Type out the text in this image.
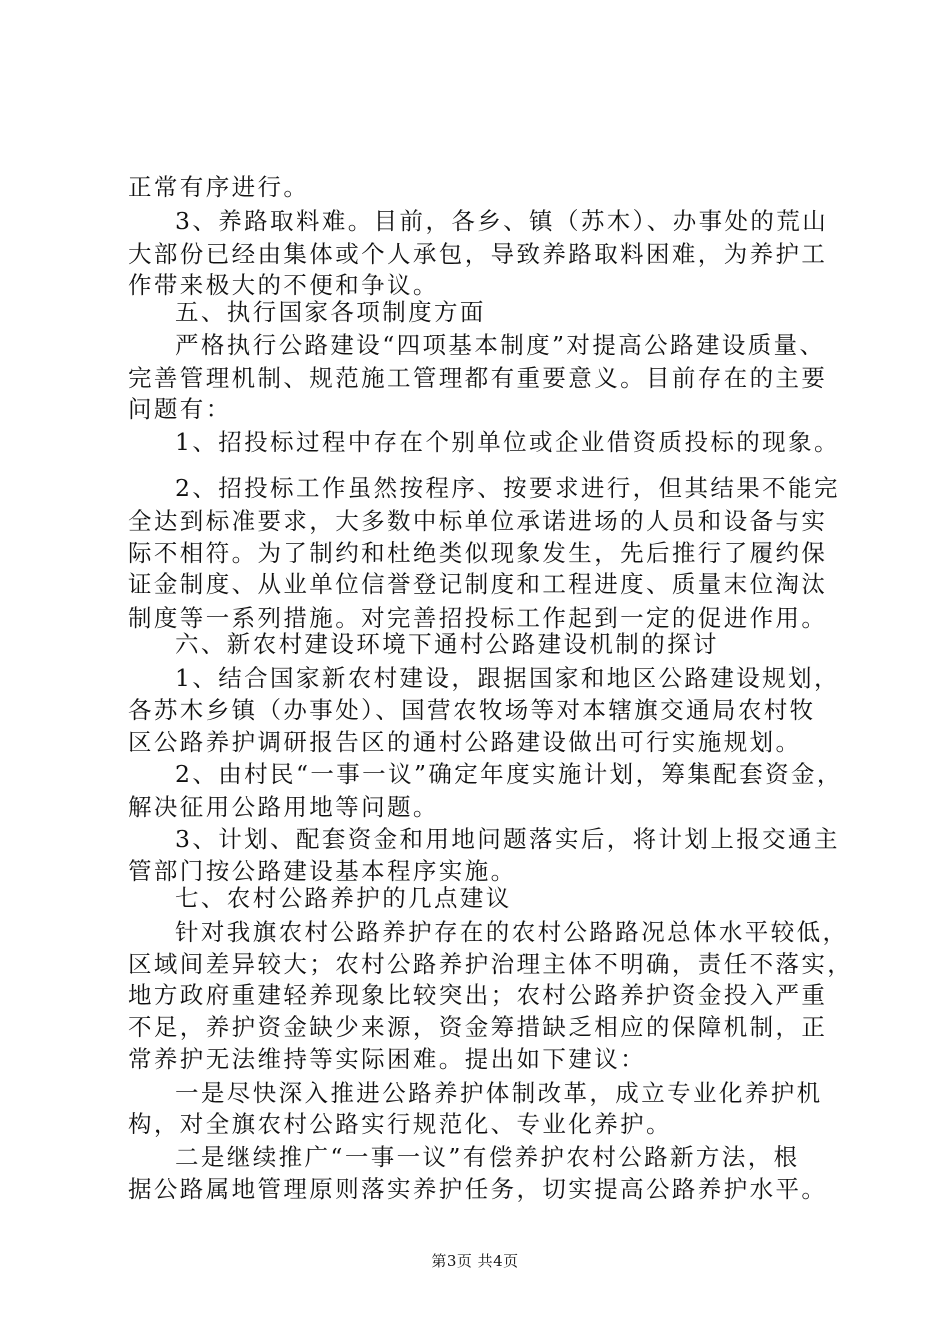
正常有序进行。
3、养路取料难。目前，各乡、镇（苏木）、办事处的荒山
大部份已经由集体或个人承包，导致养路取料困难，为养护工
作带来极大的不便和争议。
五、执行国家各项制度方面
严格执行公路建设“四项基本制度”对提高公路建设质量、
完善管理机制、规范施工管理都有重要意义。目前存在的主要
问题有：
1、招投标过程中存在个别单位或企业借资质投标的现象。
2、招投标工作虽然按程序、按要求进行，但其结果不能完
全达到标准要求，大多数中标单位承诺进场的人员和设备与实
际不相符。为了制约和杜绝类似现象发生，先后推行了履约保
证金制度、从业单位信誉登记制度和工程进度、质量末位淘汰
制度等一系列措施。对完善招投标工作起到一定的促进作用。
六、新农村建设环境下通村公路建设机制的探讨
1、结合国家新农村建设，跟据国家和地区公路建设规划，
各苏木乡镇（办事处）、国营农牧场等对本辖旗交通局农村牧
区公路养护调研报告区的通村公路建设做出可行实施规划。
2、由村民“一事一议”确定年度实施计划，筹集配套资金，
解决征用公路用地等问题。
3、计划、配套资金和用地问题落实后，将计划上报交通主
管部门按公路建设基本程序实施。
七、农村公路养护的几点建议
针对我旗农村公路养护存在的农村公路路况总体水平较低，
区域间差异较大；农村公路养护治理主体不明确，责任不落实，
地方政府重建轻养现象比较突出；农村公路养护资金投入严重
不足，养护资金缺少来源，资金筹措缺乏相应的保障机制，正
常养护无法维持等实际困难。提出如下建议：
一是尽快深入推进公路养护体制改革，成立专业化养护机
构，对全旗农村公路实行规范化、专业化养护。
二是继续推广“一事一议”有偿养护农村公路新方法，根
据公路属地管理原则落实养护任务，切实提高公路养护水平。
第3页 共4页
